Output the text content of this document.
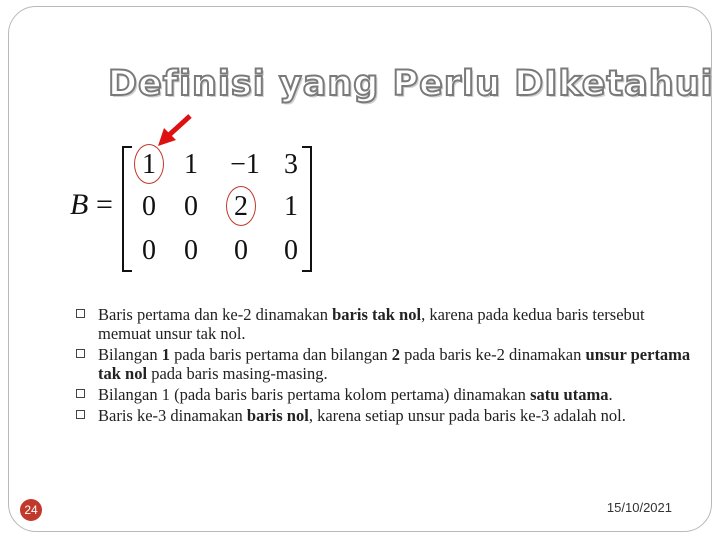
Definisi yang Perlu DIketahui
B =
1	1	−1 3
0	0	2	1
0	0	0	0
Baris pertama dan ke-2 dinamakan baris tak nol, karena pada kedua baris tersebut memuat unsur tak nol.
Bilangan 1 pada baris pertama dan bilangan 2 pada baris ke-2 dinamakan unsur pertama tak nol pada baris masing-masing.
Bilangan 1 (pada baris baris pertama kolom pertama) dinamakan satu utama.
Baris ke-3 dinamakan baris nol, karena setiap unsur pada baris ke-3 adalah nol.
24	15/10/2021
